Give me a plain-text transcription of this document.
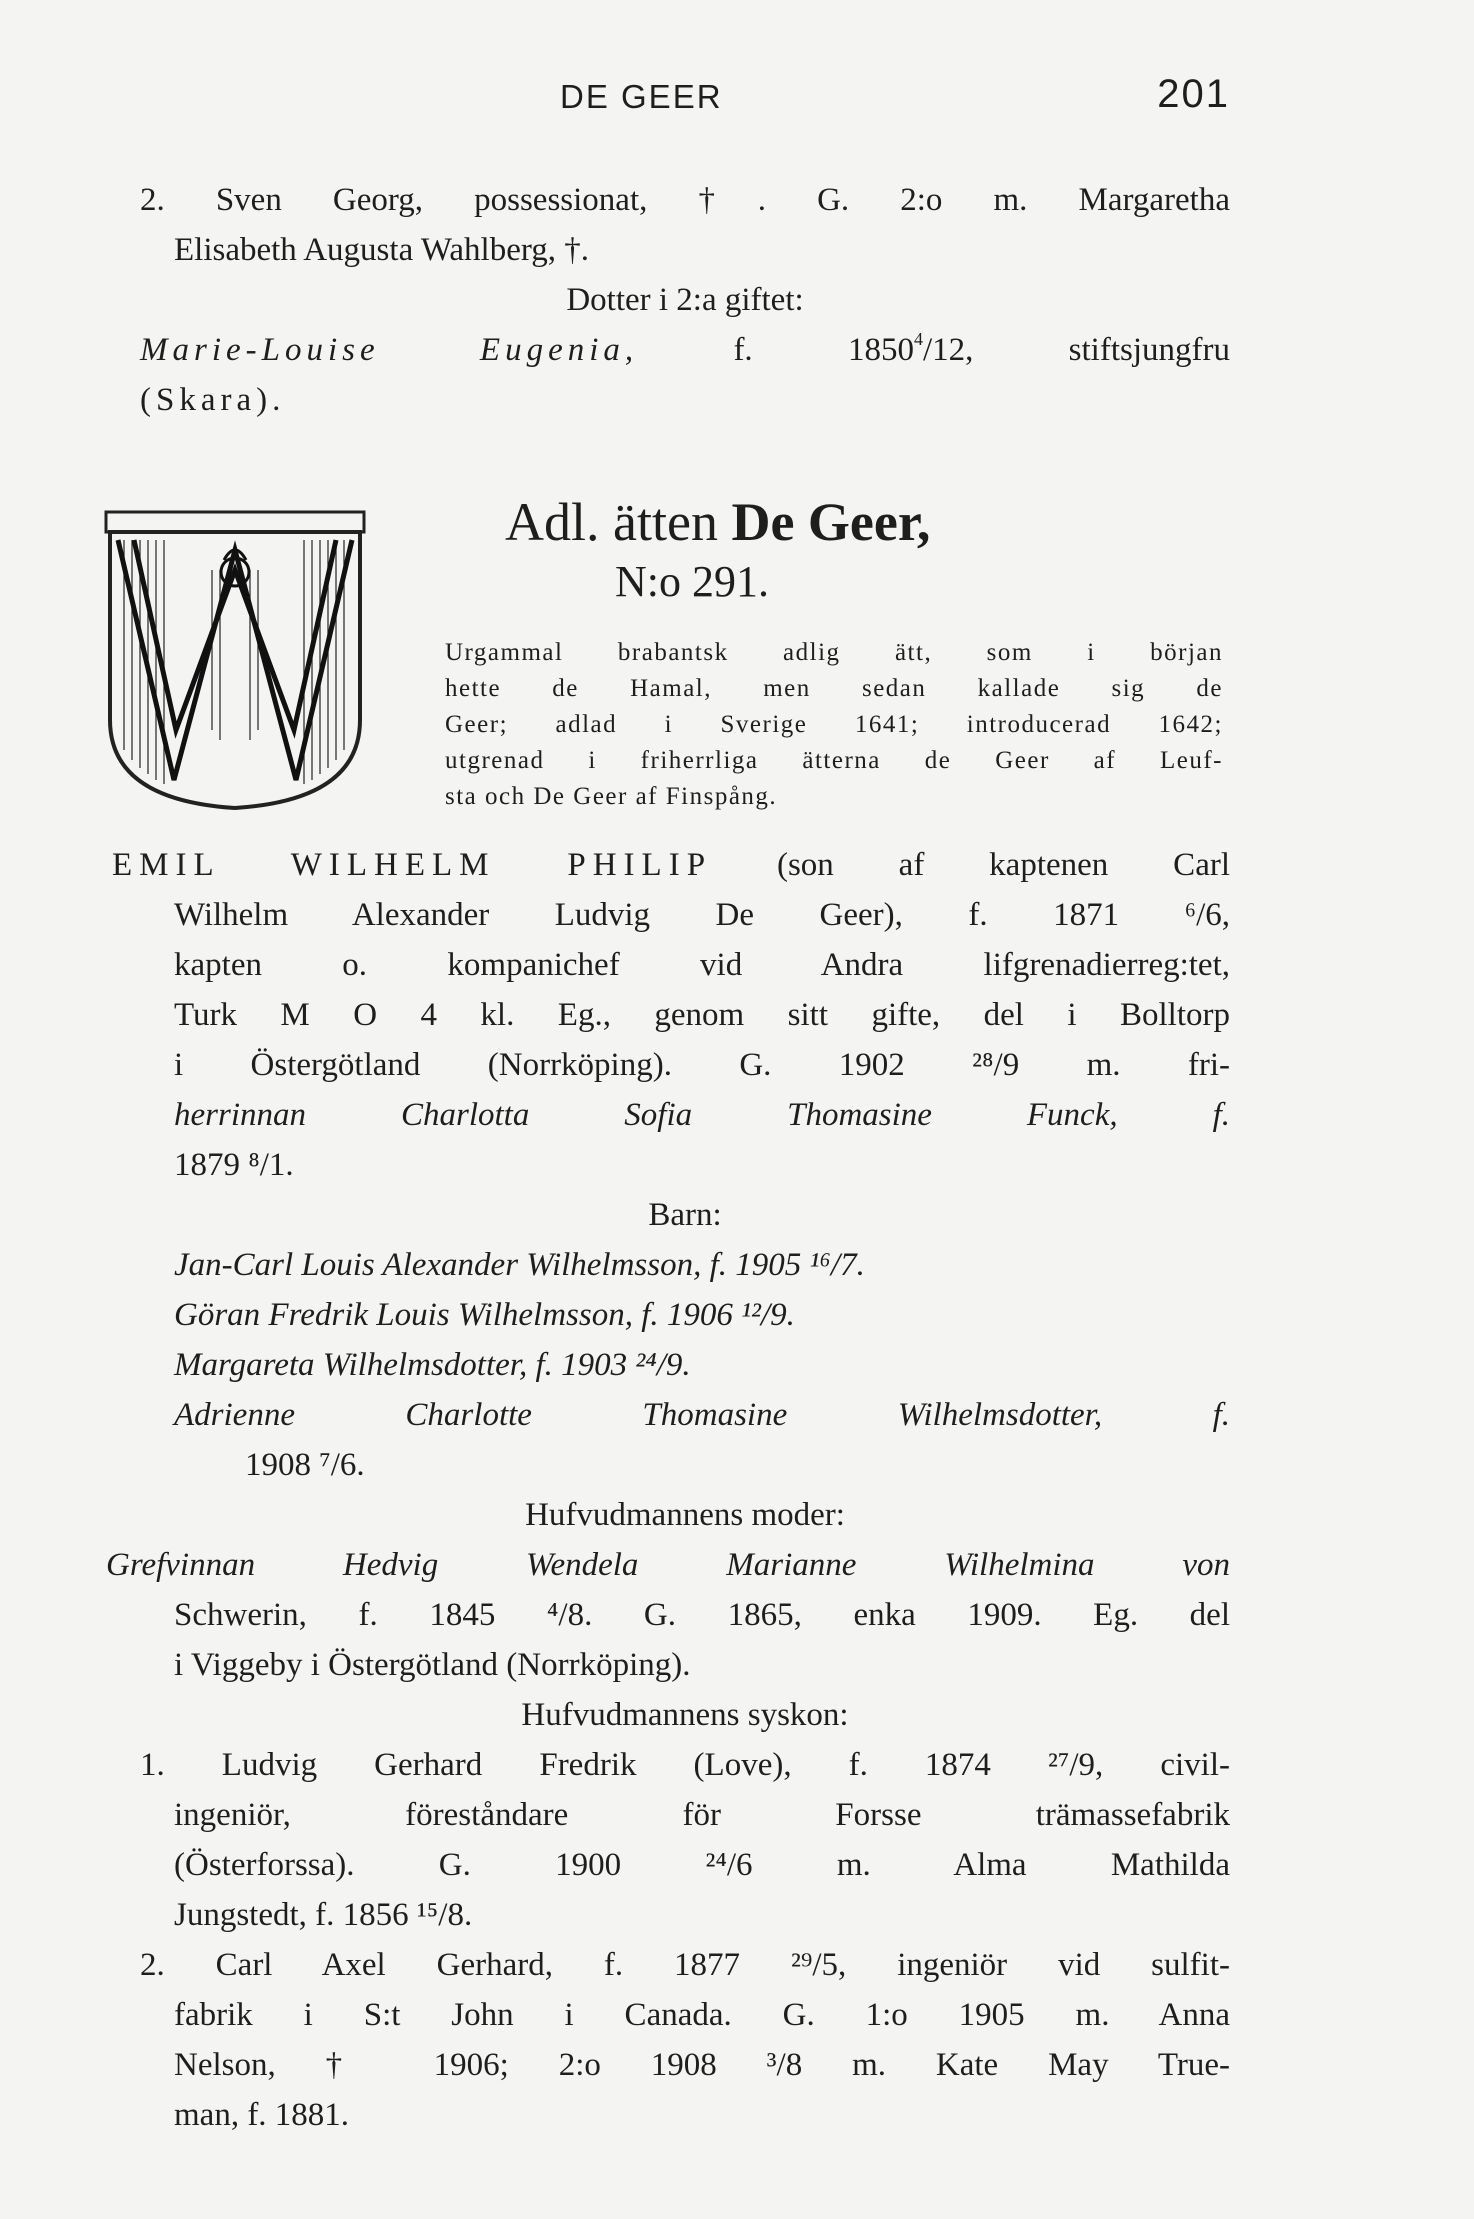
DE GEER	201
2. Sven Georg, possessionat, †. G. 2:o m. Margaretha
Elisabeth Augusta Wahlberg, †.
Dotter i 2:a giftet:
Marie-Louise Eugenia,	f. 1850$^4$/12, stiftsjungfru
(Skara).
Adl. ätten De Geer,
N:o 291.
Urgammal brabantsk adlig ätt, som i början
hette de Hamal, men sedan kallade sig de
Geer; adlad i Sverige 1641; introducerad 1642;
utgrenad i friherrliga ätterna de Geer af Leuf-
sta och De Geer af Finspång.
EMIL WILHELM PHILIP (son af kaptenen Carl
Wilhelm Alexander Ludvig De Geer), f. 1871 ⁶/6,
kapten o. kompanichef vid Andra lifgrenadierreg:tet,
Turk M O 4 kl. Eg., genom sitt gifte, del i Bolltorp
i Östergötland (Norrköping). G. 1902 ²⁸/9 m. fri-
herrinnan Charlotta Sofia Thomasine Funck, f.
1879 ⁸/1.
Barn:
Jan-Carl Louis Alexander Wilhelmsson, f. 1905 ¹⁶/7.
Göran Fredrik Louis Wilhelmsson, f. 1906 ¹²/9.
Margareta Wilhelmsdotter, f. 1903 ²⁴/9.
Adrienne Charlotte Thomasine Wilhelmsdotter, f.
1908 ⁷/6.
Hufvudmannens moder:
Grefvinnan Hedvig Wendela Marianne Wilhelmina von
Schwerin, f. 1845 ⁴/8. G. 1865, enka 1909. Eg. del
i Viggeby i Östergötland (Norrköping).
Hufvudmannens syskon:
1. Ludvig Gerhard Fredrik (Love), f. 1874 ²⁷/9, civil-
ingeniör, föreståndare för Forsse trämassefabrik
(Österforssa). G. 1900 ²⁴/6 m. Alma Mathilda
Jungstedt, f. 1856 ¹⁵/8.
2. Carl Axel Gerhard, f. 1877 ²⁹/5, ingeniör vid sulfit-
fabrik i S:t John i Canada. G. 1:o 1905 m. Anna
Nelson, † 1906; 2:o 1908 ³/8 m. Kate May True-
man, f. 1881.
